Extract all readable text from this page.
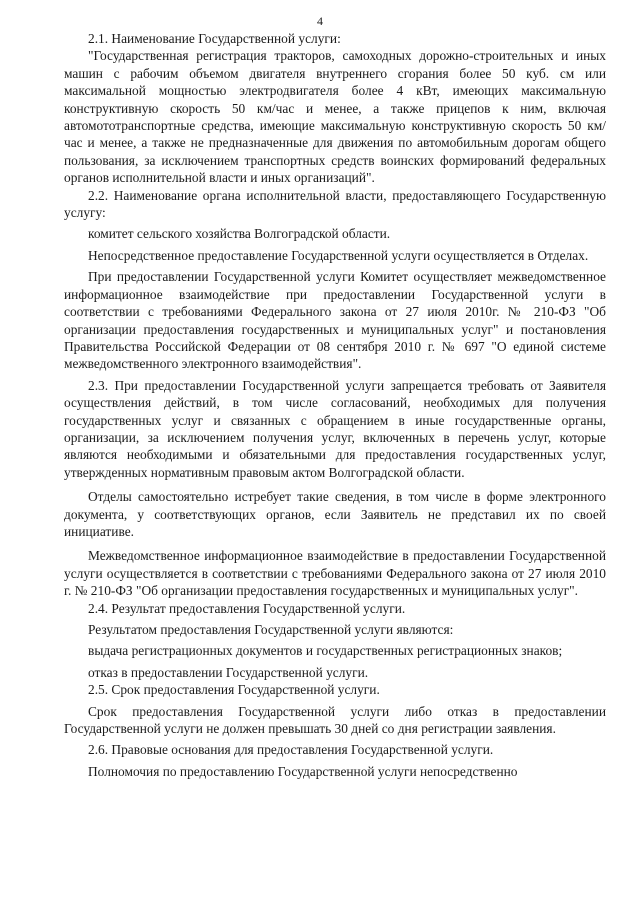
4

2.1. Наименование Государственной услуги:

"Государственная регистрация тракторов, самоходных дорожно-строительных и иных машин с рабочим объемом двигателя внутреннего сгорания более 50 куб. см или максимальной мощностью электродвигателя более 4 кВт, имеющих максимальную конструктивную скорость 50 км/час и менее, а также прицепов к ним, включая автомототранспортные средства, имеющие максимальную конструктивную скорость 50 км/час и менее, а также не предназначенные для движения по автомобильным дорогам общего пользования, за исключением транспортных средств воинских формирований федеральных органов исполнительной власти и иных организаций".

2.2. Наименование органа исполнительной власти, предоставляющего Государственную услугу:

комитет сельского хозяйства Волгоградской области.

Непосредственное предоставление Государственной услуги осуществляется в Отделах.

При предоставлении Государственной услуги Комитет осуществляет межведомственное информационное взаимодействие при предоставлении Государственной услуги в соответствии с требованиями Федерального закона от 27 июля 2010г. № 210-ФЗ "Об организации предоставления государственных и муниципальных услуг" и постановления Правительства Российской Федерации от 08 сентября 2010 г. № 697 "О единой системе межведомственного электронного взаимодействия".

2.3. При предоставлении Государственной услуги запрещается требовать от Заявителя осуществления действий, в том числе согласований, необходимых для получения государственных услуг и связанных с обращением в иные государственные органы, организации, за исключением получения услуг, включенных в перечень услуг, которые являются необходимыми и обязательными для предоставления государственных услуг, утвержденных нормативным правовым актом Волгоградской области.

Отделы самостоятельно истребует такие сведения, в том числе в форме электронного документа, у соответствующих органов, если Заявитель не представил их по своей инициативе.

Межведомственное информационное взаимодействие в предоставлении Государственной услуги осуществляется в соответствии с требованиями Федерального закона от 27 июля 2010 г. № 210-ФЗ "Об организации предоставления государственных и муниципальных услуг".

2.4. Результат предоставления Государственной услуги.

Результатом предоставления Государственной услуги являются:

выдача регистрационных документов и государственных регистрационных знаков;

отказ в предоставлении Государственной услуги.

2.5. Срок предоставления Государственной услуги.

Срок предоставления Государственной услуги либо отказ в предоставлении Государственной услуги не должен превышать 30 дней со дня регистрации заявления.

2.6. Правовые основания для предоставления Государственной услуги.

Полномочия по предоставлению Государственной услуги непосредственно
